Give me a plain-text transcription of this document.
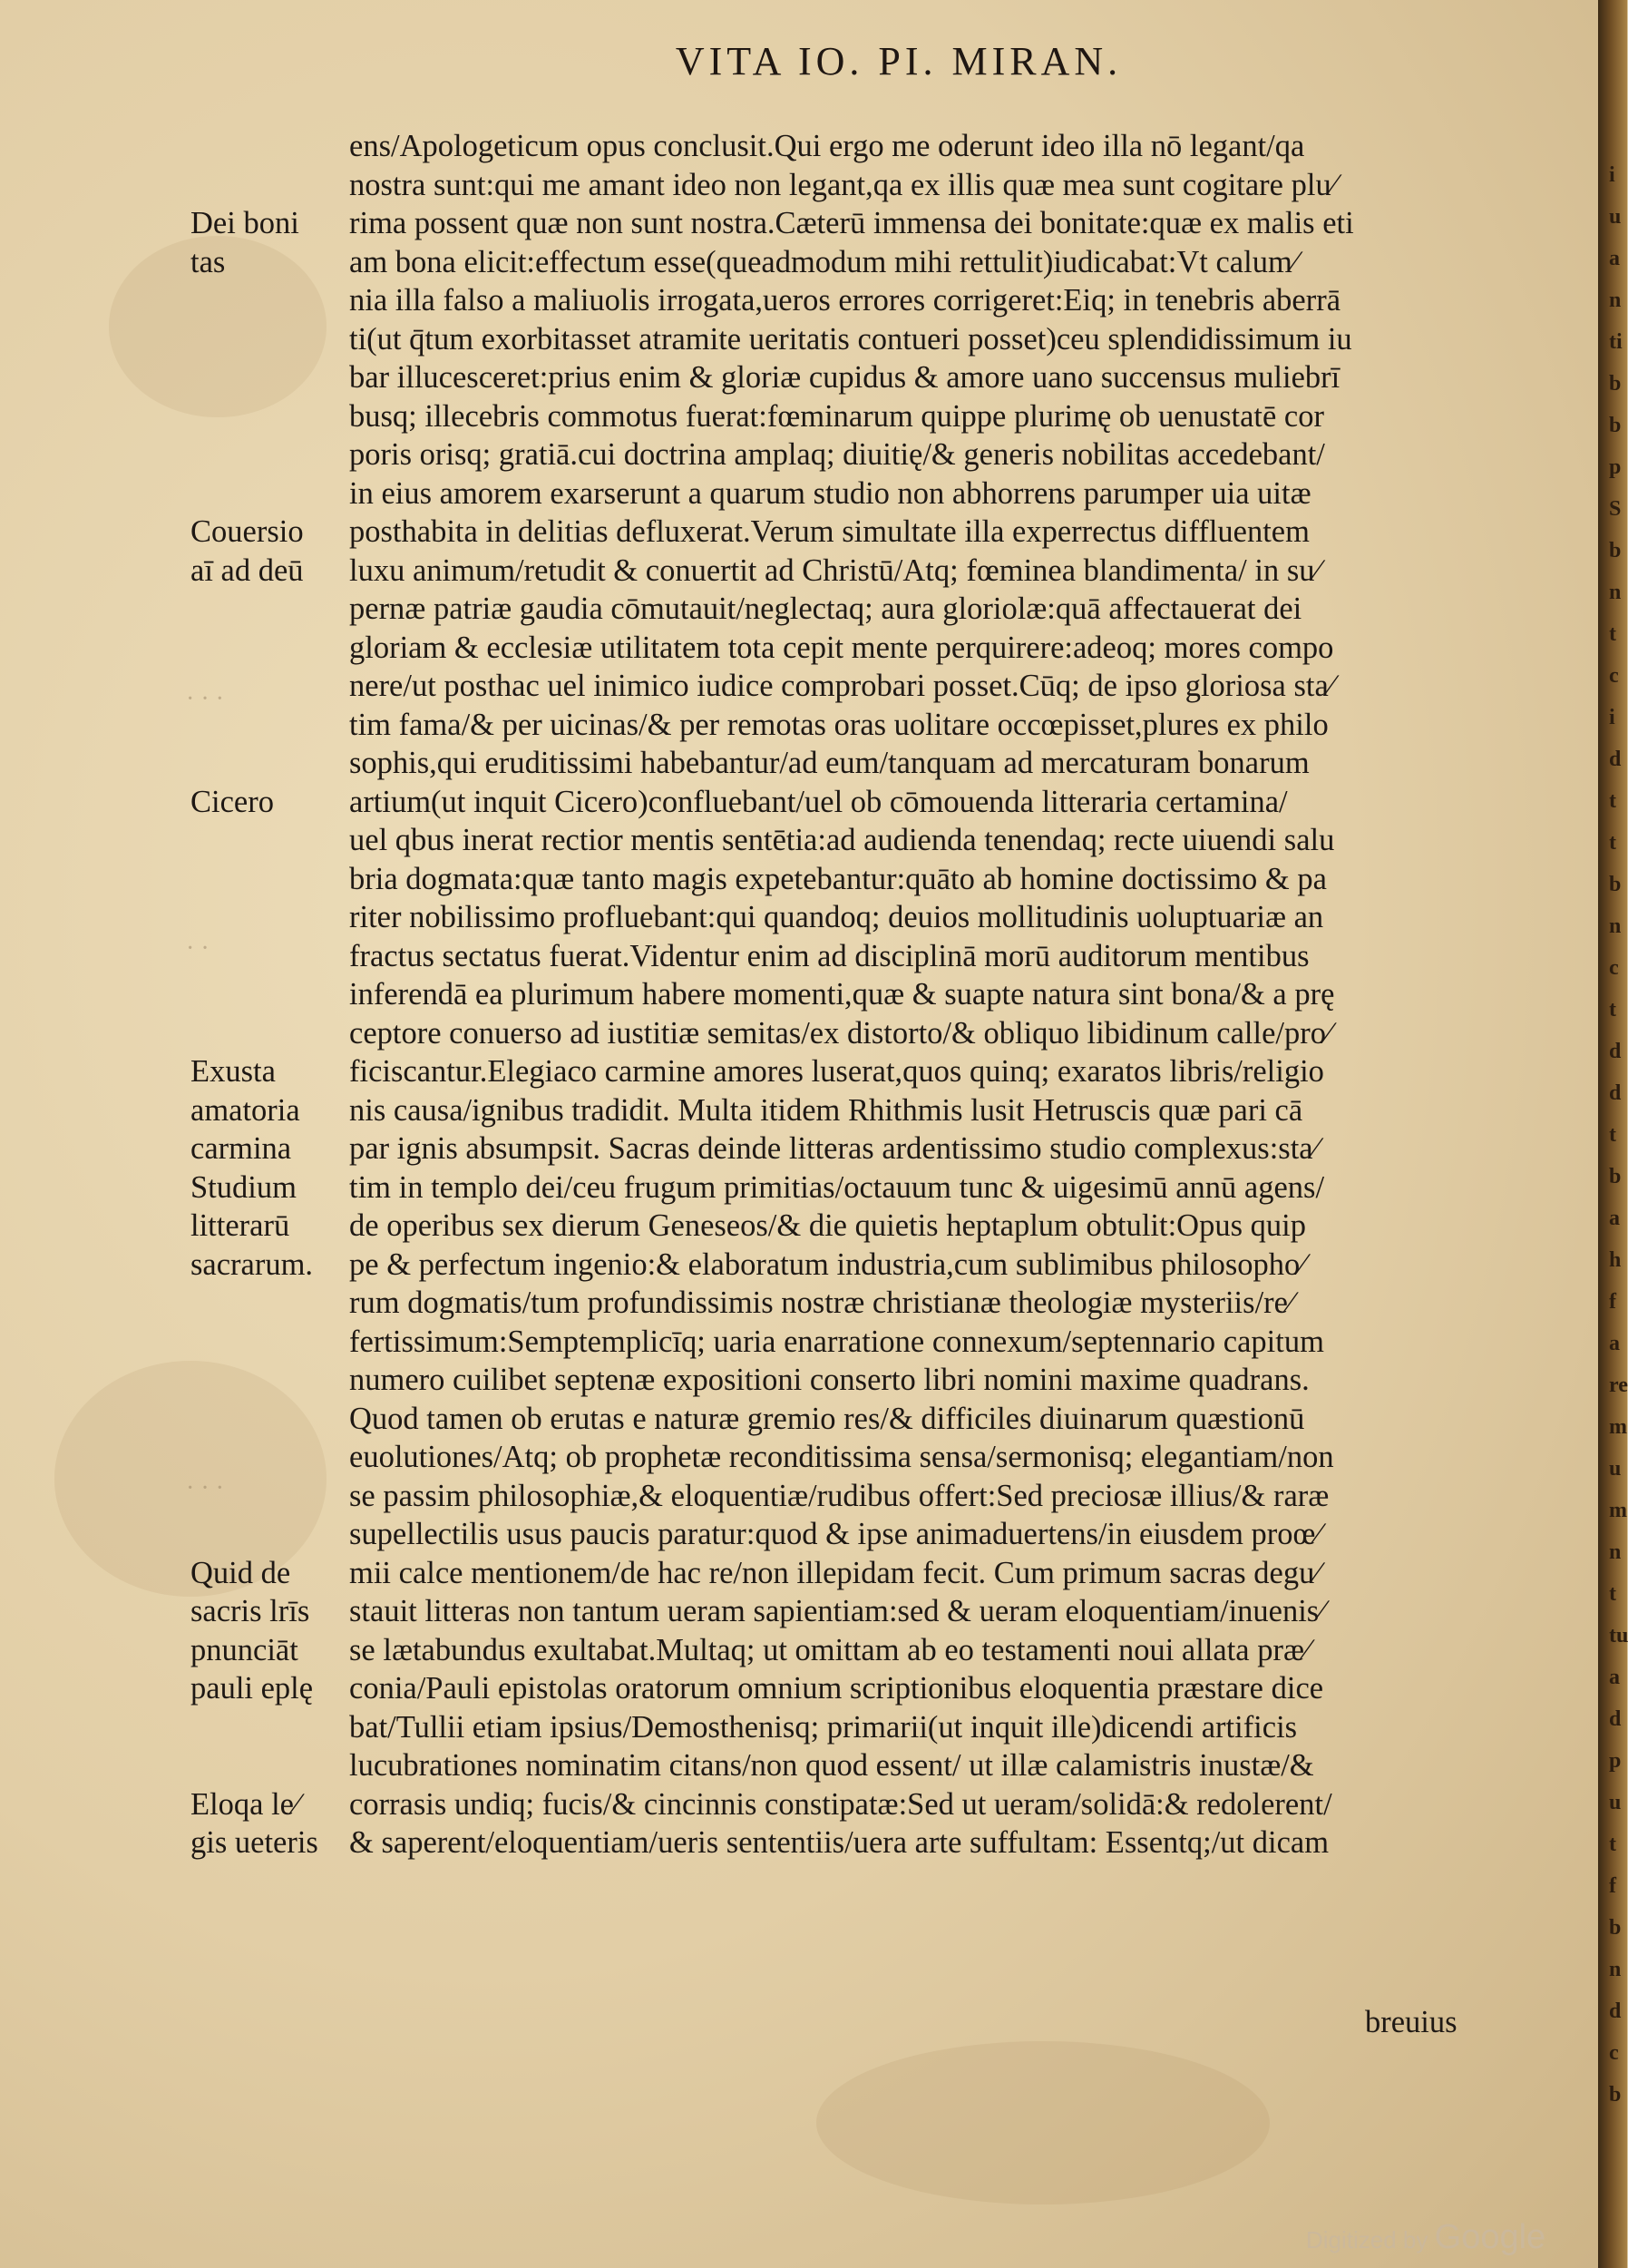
VITA IO. PI. MIRAN.
ens/Apologeticum opus conclusit.Qui ergo me oderunt ideo illa nō legant/qa
nostra sunt:qui me amant ideo non legant,qa ex illis quæ mea sunt cogitare plu∕
rima possent quæ non sunt nostra.Cæterū immensa dei bonitate:quæ ex malis eti
am bona elicit:effectum esse(queadmodum mihi rettulit)iudicabat:Vt calum∕
nia illa falso a maliuolis irrogata,ueros errores corrigeret:Eiq; in tenebris aberrā
ti(ut q̄tum exorbitasset atramite ueritatis contueri posset)ceu splendidissimum iu
bar illucesceret:prius enim & gloriæ cupidus & amore uano succensus muliebrī
busq; illecebris commotus fuerat:fœminarum quippe plurimę ob uenustatē cor
poris orisq; gratiā.cui doctrina amplaq; diuitię/& generis nobilitas accedebant/
in eius amorem exarserunt a quarum studio non abhorrens parumper uia uitæ
posthabita in delitias defluxerat.Verum simultate illa experrectus diffluentem
luxu animum/retudit & conuertit ad Christū/Atq; fœminea blandimenta/ in su∕
pernæ patriæ gaudia cōmutauit/neglectaq; aura gloriolæ:quā affectauerat dei
gloriam & ecclesiæ utilitatem tota cepit mente perquirere:adeoq; mores compo
nere/ut posthac uel inimico iudice comprobari posset.Cūq; de ipso gloriosa sta∕
tim fama/& per uicinas/& per remotas oras uolitare occœpisset,plures ex philo
sophis,qui eruditissimi habebantur/ad eum/tanquam ad mercaturam bonarum
artium(ut inquit Cicero)confluebant/uel ob cōmouenda litteraria certamina/
uel qbus inerat rectior mentis sentētia:ad audienda tenendaq; recte uiuendi salu
bria dogmata:quæ tanto magis expetebantur:quāto ab homine doctissimo & pa
riter nobilissimo profluebant:qui quandoq; deuios mollitudinis uoluptuariæ an
fractus sectatus fuerat.Videntur enim ad disciplinā morū auditorum mentibus
inferendā ea plurimum habere momenti,quæ & suapte natura sint bona/& a prę
ceptore conuerso ad iustitiæ semitas/ex distorto/& obliquo libidinum calle/pro∕
ficiscantur.Elegiaco carmine amores luserat,quos quinq; exaratos libris/religio
nis causa/ignibus tradidit. Multa itidem Rhithmis lusit Hetruscis quæ pari cā
par ignis absumpsit. Sacras deinde litteras ardentissimo studio complexus:sta∕
tim in templo dei/ceu frugum primitias/octauum tunc & uigesimū annū agens/
de operibus sex dierum Geneseos/& die quietis heptaplum obtulit:Opus quip
pe & perfectum ingenio:& elaboratum industria,cum sublimibus philosopho∕
rum dogmatis/tum profundissimis nostræ christianæ theologiæ mysteriis/re∕
fertissimum:Semptemplicīq; uaria enarratione connexum/septennario capitum
numero cuilibet septenæ expositioni conserto libri nomini maxime quadrans.
Quod tamen ob erutas e naturæ gremio res/& difficiles diuinarum quæstionū
euolutiones/Atq; ob prophetæ reconditissima sensa/sermonisq; elegantiam/non
se passim philosophiæ,& eloquentiæ/rudibus offert:Sed preciosæ illius/& raræ
supellectilis usus paucis paratur:quod & ipse animaduertens/in eiusdem proœ∕
mii calce mentionem/de hac re/non illepidam fecit. Cum primum sacras degu∕
stauit litteras non tantum ueram sapientiam:sed & ueram eloquentiam/inuenis∕
se lætabundus exultabat.Multaq; ut omittam ab eo testamenti noui allata præ∕
conia/Pauli epistolas oratorum omnium scriptionibus eloquentia præstare dice
bat/Tullii etiam ipsius/Demosthenisq; primarii(ut inquit ille)dicendi artificis
lucubrationes nominatim citans/non quod essent/ ut illæ calamistris inustæ/&
corrasis undiq; fucis/& cincinnis constipatæ:Sed ut ueram/solidā:& redolerent/
& saperent/eloquentiam/ueris sententiis/uera arte suffultam: Essentq;/ut dicam
breuius
Dei boni
tas
Couersio
aī ad deū
Cicero
Exusta
amatoria
carmina
Studium
litterarū
sacrarum.
Quid de
sacris lrīs
pnunciāt
pauli eplę
Eloqa le∕
gis ueteris
· · ·
· ·
· · ·
Digitized by Google
i
u
a
n
ti
b
b
p
S
b
n
t
c
i
d
t
t
b
n
c
t
d
d
t
b
a
h
f
a
re
m
u
m
n
t
tu
a
d
p
u
t
f
b
n
d
c
b
